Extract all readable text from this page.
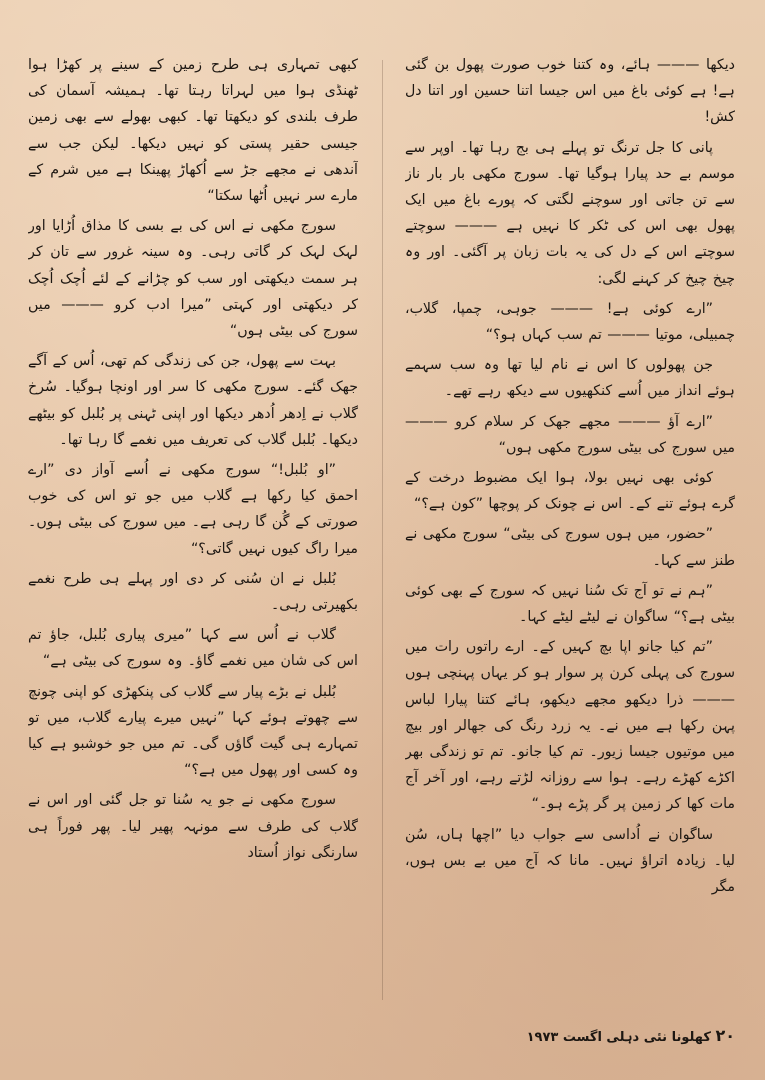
دیکھا ——— ہائے، وہ کتنا خوب صورت پھول بن گئی ہے! ہے کوئی باغ میں اس جیسا اتنا حسین اور اتنا دل کش!

پانی کا جل ترنگ تو پہلے ہی بج رہا تھا۔ اوپر سے موسم بے حد پیارا ہوگیا تھا۔ سورج مکھی بار بار ناز سے تن جاتی اور سوچنے لگتی کہ پورے باغ میں ایک پھول بھی اس کی ٹکر کا نہیں ہے ——— سوچتے سوچتے اس کے دل کی یہ بات زبان پر آگئی۔ اور وہ چیخ چیخ کر کہنے لگی:

”ارے کوئی ہے! ——— جوہی، چمپا، گلاب، چمبیلی، موتیا ——— تم سب کہاں ہو؟“

جن پھولوں کا اس نے نام لیا تھا وہ سب سہمے ہوئے انداز میں اُسے کنکھیوں سے دیکھ رہے تھے۔

”ارے آؤ ——— مجھے جھک کر سلام کرو ——— میں سورج کی بیٹی سورج مکھی ہوں“

کوئی بھی نہیں بولا، ہوا ایک مضبوط درخت کے گرے ہوئے تنے کے۔ اس نے چونک کر پوچھا ”کون ہے؟“

”حضور، میں ہوں سورج کی بیٹی“ سورج مکھی نے طنز سے کہا۔

”ہم نے تو آج تک سُنا نہیں کہ سورج کے بھی کوئی بیٹی ہے؟“ ساگوان نے لیٹے لیٹے کہا۔

”تم کیا جانو اپا بچ کہیں کے۔ ارے راتوں رات میں سورج کی پہلی کرن پر سوار ہو کر یہاں پہنچی ہوں ——— ذرا دیکھو مجھے دیکھو، ہائے کتنا پیارا لباس پہن رکھا ہے میں نے۔ یہ زرد رنگ کی جھالر اور بیچ میں موتیوں جیسا زیور۔ تم کیا جانو۔ تم تو زندگی بھر اکڑے کھڑے رہے۔ ہوا سے روزانہ لڑتے رہے، اور آخر آج مات کھا کر زمین پر گر پڑے ہو۔“

ساگوان نے اُداسی سے جواب دیا ”اچھا ہاں، سُن لیا۔ زیادہ اتراؤ نہیں۔ مانا کہ آج میں بے بس ہوں، مگر

کبھی تمہاری ہی طرح زمین کے سینے پر کھڑا ہوا ٹھنڈی ہوا میں لہراتا رہتا تھا۔ ہمیشہ آسمان کی طرف بلندی کو دیکھتا تھا۔ کبھی بھولے سے بھی زمین جیسی حقیر پستی کو نہیں دیکھا۔ لیکن جب سے آندھی نے مجھے جڑ سے اُکھاڑ پھینکا ہے میں شرم کے مارے سر نہیں اُٹھا سکتا“

سورج مکھی نے اس کی بے بسی کا مذاق اُڑایا اور لہک لہک کر گاتی رہی۔ وہ سینہ غرور سے تان کر ہر سمت دیکھتی اور سب کو چڑانے کے لئے اُچک اُچک کر دیکھتی اور کہتی ”میرا ادب کرو ——— میں سورج کی بیٹی ہوں“

بہت سے پھول، جن کی زندگی کم تھی، اُس کے آگے جھک گئے۔ سورج مکھی کا سر اور اونچا ہوگیا۔ سُرخ گلاب نے اِدھر اُدھر دیکھا اور اپنی ٹہنی پر بُلبل کو بیٹھے دیکھا۔ بُلبل گلاب کی تعریف میں نغمے گا رہا تھا۔

”او بُلبل!“ سورج مکھی نے اُسے آواز دی ”ارے احمق کیا رکھا ہے گلاب میں جو تو اس کی خوب صورتی کے گُن گا رہی ہے۔ میں سورج کی بیٹی ہوں۔ میرا راگ کیوں نہیں گاتی؟“

بُلبل نے ان سُنی کر دی اور پہلے ہی طرح نغمے بکھیرتی رہی۔

گلاب نے اُس سے کہا ”میری پیاری بُلبل، جاؤ تم اس کی شان میں نغمے گاؤ۔ وہ سورج کی بیٹی ہے“

بُلبل نے بڑے پیار سے گلاب کی پنکھڑی کو اپنی چونچ سے چھوتے ہوئے کہا ”نہیں میرے پیارے گلاب، میں تو تمہارے ہی گیت گاؤں گی۔ تم میں جو خوشبو ہے کیا وہ کسی اور پھول میں ہے؟“

سورج مکھی نے جو یہ سُنا تو جل گئی اور اس نے گلاب کی طرف سے مونہہ پھیر لیا۔ پھر فوراً ہی سارنگی نواز اُستاد

۲۰ کھلونا نئی دہلی اگست ۱۹۷۳
